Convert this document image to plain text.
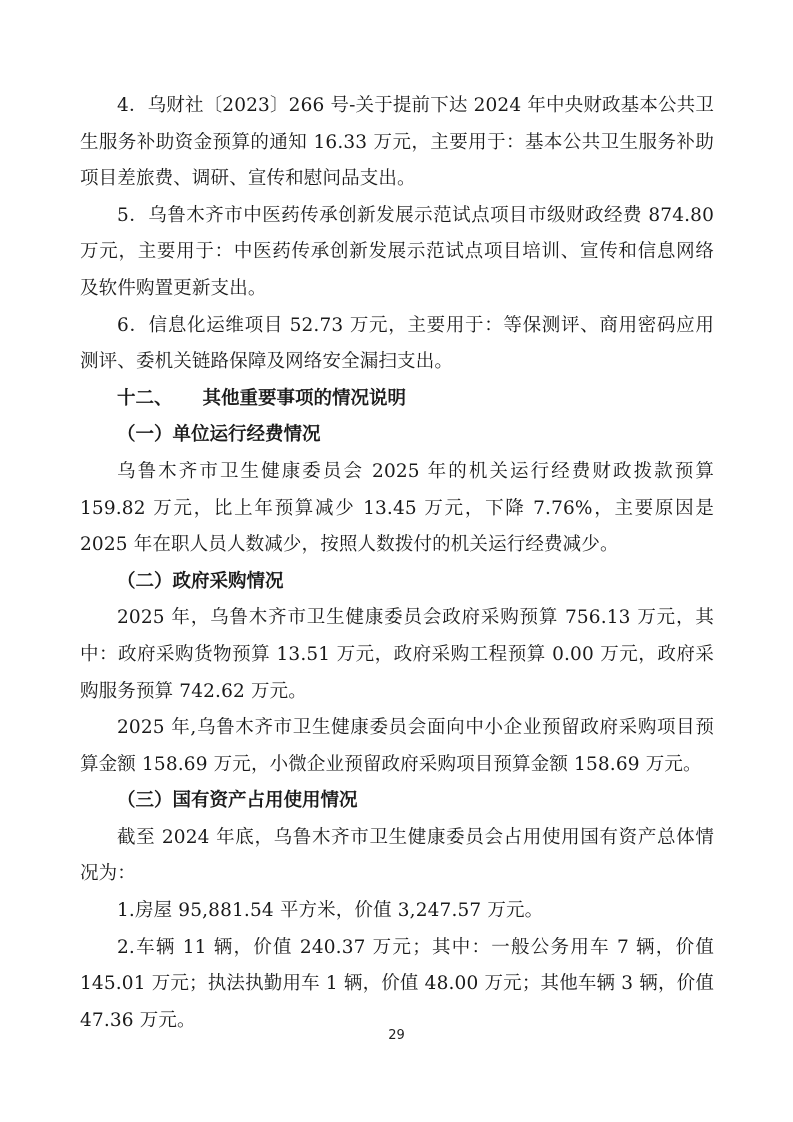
4．乌财社〔2023〕266 号-关于提前下达 2024 年中央财政基本公共卫生服务补助资金预算的通知 16.33 万元，主要用于：基本公共卫生服务补助项目差旅费、调研、宣传和慰问品支出。

5．乌鲁木齐市中医药传承创新发展示范试点项目市级财政经费 874.80 万元，主要用于：中医药传承创新发展示范试点项目培训、宣传和信息网络及软件购置更新支出。

6．信息化运维项目 52.73 万元，主要用于：等保测评、商用密码应用测评、委机关链路保障及网络安全漏扫支出。

十二、 其他重要事项的情况说明

（一）单位运行经费情况

乌鲁木齐市卫生健康委员会 2025 年的机关运行经费财政拨款预算 159.82 万元，比上年预算减少 13.45 万元，下降 7.76%，主要原因是 2025 年在职人员人数减少，按照人数拨付的机关运行经费减少。

（二）政府采购情况

2025 年，乌鲁木齐市卫生健康委员会政府采购预算 756.13 万元，其中：政府采购货物预算 13.51 万元，政府采购工程预算 0.00 万元，政府采购服务预算 742.62 万元。

2025 年,乌鲁木齐市卫生健康委员会面向中小企业预留政府采购项目预算金额 158.69 万元，小微企业预留政府采购项目预算金额 158.69 万元。

（三）国有资产占用使用情况

截至 2024 年底，乌鲁木齐市卫生健康委员会占用使用国有资产总体情况为：

1.房屋 95,881.54 平方米，价值 3,247.57 万元。

2.车辆 11 辆，价值 240.37 万元；其中：一般公务用车 7 辆，价值 145.01 万元；执法执勤用车 1 辆，价值 48.00 万元；其他车辆 3 辆，价值 47.36 万元。

29
